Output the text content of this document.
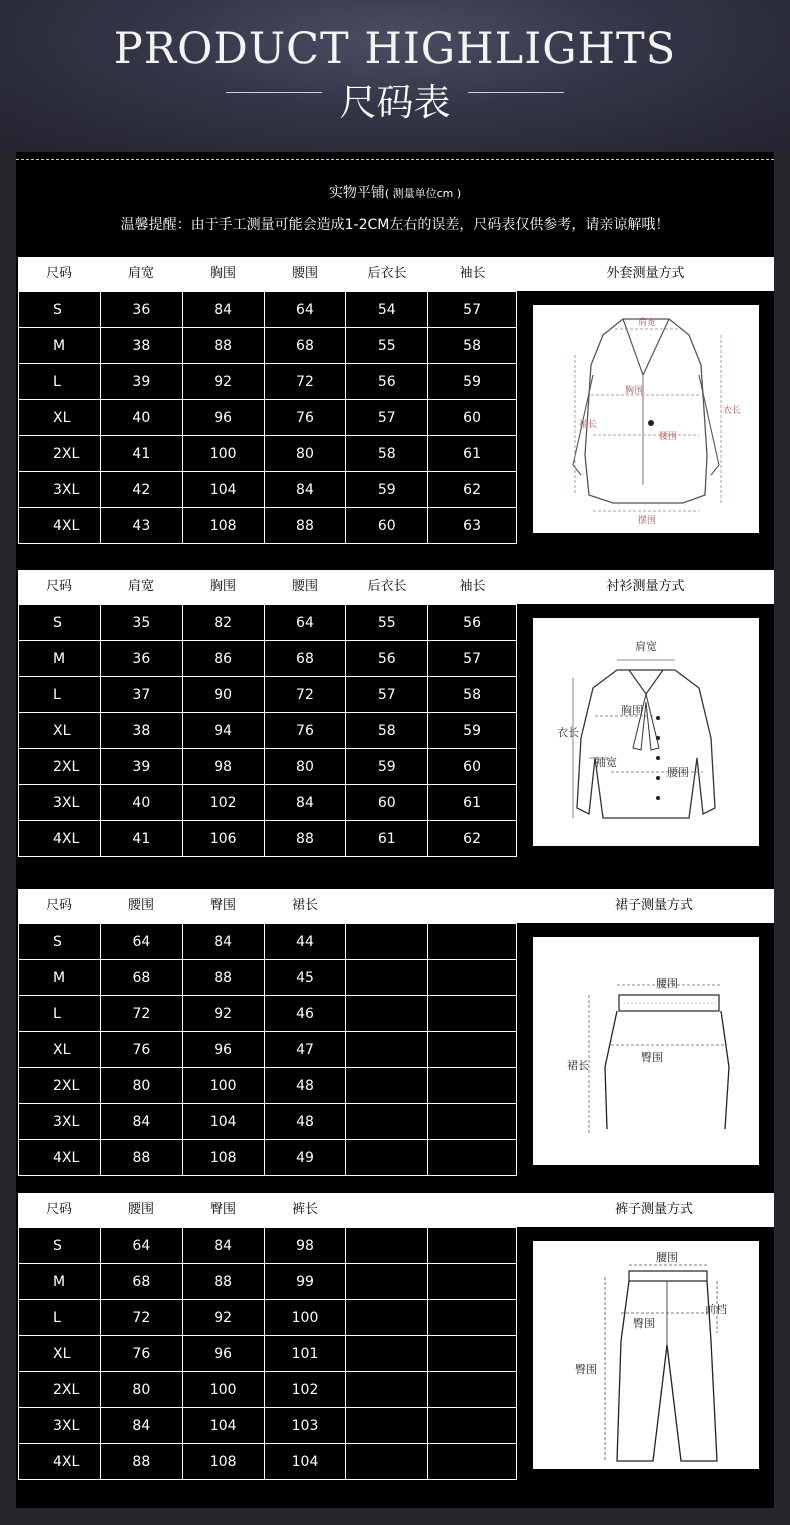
PRODUCT HIGHLIGHTS
尺码表
实物平铺( 测量单位cm )
温馨提醒：由于手工测量可能会造成1-2CM左右的误差，尺码表仅供参考，请亲谅解哦！
尺码	肩宽	胸围	腰围	后衣长	袖长	外套测量方式
S	36	84	64	54	57
M	38	88	68	55	58
L	39	92	72	56	59
XL	40	96	76	57	60
2XL	41	100	80	58	61
3XL	42	104	84	59	62
4XL	43	108	88	60	63
肩宽
胸围
腰围
袖长
衣长
摆围
尺码	肩宽	胸围	腰围	后衣长	袖长	衬衫测量方式
S	35	82	64	55	56
M	36	86	68	56	57
L	37	90	72	57	58
XL	38	94	76	58	59
2XL	39	98	80	59	60
3XL	40	102	84	60	61
4XL	41	106	88	61	62
肩宽
胸围
衣长
袖宽
腰围
尺码	腰围	臀围	裙长	裙子测量方式
S	64	84	44		
M	68	88	45		
L	72	92	46		
XL	76	96	47		
2XL	80	100	48		
3XL	84	104	48		
4XL	88	108	49		
腰围
臀围
裙长
尺码	腰围	臀围	裤长	裤子测量方式
S	64	84	98		
M	68	88	99		
L	72	92	100		
XL	76	96	101		
2XL	80	100	102		
3XL	84	104	103		
4XL	88	108	104		
腰围
臀围
前档
臀围
